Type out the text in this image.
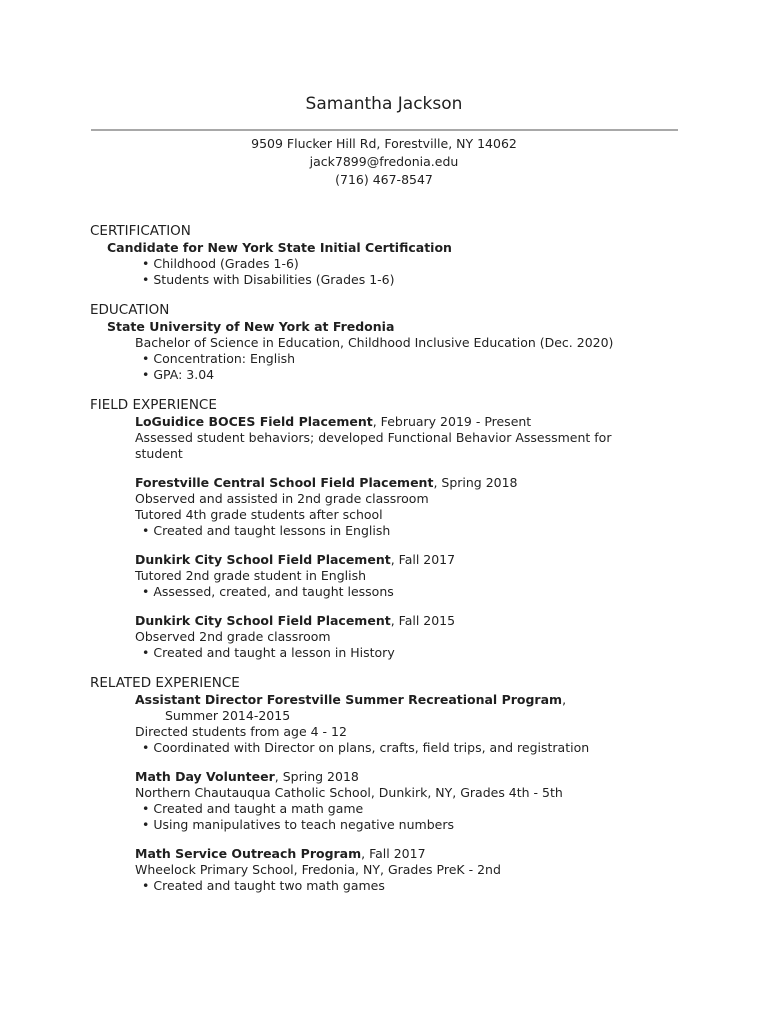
Samantha Jackson
9509 Flucker Hill Rd, Forestville, NY 14062
jack7899@fredonia.edu
(716) 467-8547
CERTIFICATION
Candidate for New York State Initial Certification
• Childhood (Grades 1-6)
• Students with Disabilities (Grades 1-6)
EDUCATION
State University of New York at Fredonia
Bachelor of Science in Education, Childhood Inclusive Education (Dec. 2020)
• Concentration: English
• GPA: 3.04
FIELD EXPERIENCE
LoGuidice BOCES Field Placement, February 2019 - Present
Assessed student behaviors; developed Functional Behavior Assessment for student
Forestville Central School Field Placement, Spring 2018
Observed and assisted in 2nd grade classroom
Tutored 4th grade students after school
• Created and taught lessons in English
Dunkirk City School Field Placement, Fall 2017
Tutored 2nd grade student in English
• Assessed, created, and taught lessons
Dunkirk City School Field Placement, Fall 2015
Observed 2nd grade classroom
• Created and taught a lesson in History
RELATED EXPERIENCE
Assistant Director Forestville Summer Recreational Program,
Summer 2014-2015
Directed students from age 4 - 12
• Coordinated with Director on plans, crafts, field trips, and registration
Math Day Volunteer, Spring 2018
Northern Chautauqua Catholic School, Dunkirk, NY, Grades 4th - 5th
• Created and taught a math game
• Using manipulatives to teach negative numbers
Math Service Outreach Program, Fall 2017
Wheelock Primary School, Fredonia, NY, Grades PreK - 2nd
• Created and taught two math games
